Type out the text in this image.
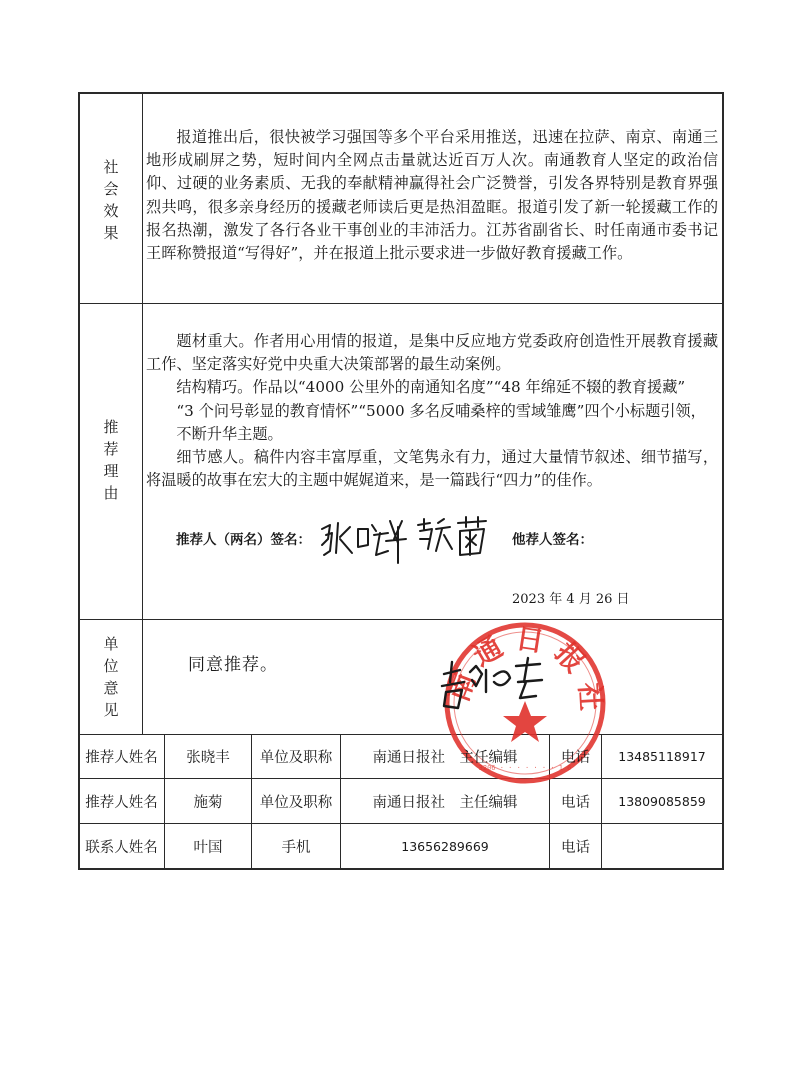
社
会
效
果

报道推出后，很快被学习强国等多个平台采用推送，迅速在拉萨、南京、南通三地形成刷屏之势，短时间内全网点击量就达近百万人次。南通教育人坚定的政治信仰、过硬的业务素质、无我的奉献精神赢得社会广泛赞誉，引发各界特别是教育界强烈共鸣，很多亲身经历的援藏老师读后更是热泪盈眶。报道引发了新一轮援藏工作的报名热潮，激发了各行各业干事创业的丰沛活力。江苏省副省长、时任南通市委书记王晖称赞报道“写得好”，并在报道上批示要求进一步做好教育援藏工作。

推
荐
理
由

题材重大。作者用心用情的报道，是集中反应地方党委政府创造性开展教育援藏工作、坚定落实好党中央重大决策部署的最生动案例。

结构精巧。作品以“4000 公里外的南通知名度”“48 年绵延不辍的教育援藏”

“3 个问号彰显的教育情怀”“5000 多名反哺桑梓的雪域雏鹰”四个小标题引领，

不断升华主题。

细节感人。稿件内容丰富厚重，文笔隽永有力，通过大量情节叙述、细节描写，将温暖的故事在宏大的主题中娓娓道来，是一篇践行“四力”的佳作。

推荐人（两名）签名：	他荐人签名：
2023 年 4 月 26 日
单
位
意
见
同意推荐。	南通日报社
3206 · · · · · · · 1 6
推荐人姓名	张晓丰	单位及职称	南通日报社　主任编辑	电话	13485118917
推荐人姓名	施菊	单位及职称	南通日报社　主任编辑	电话	13809085859
联系人姓名	叶国	手机	13656289669	电话
